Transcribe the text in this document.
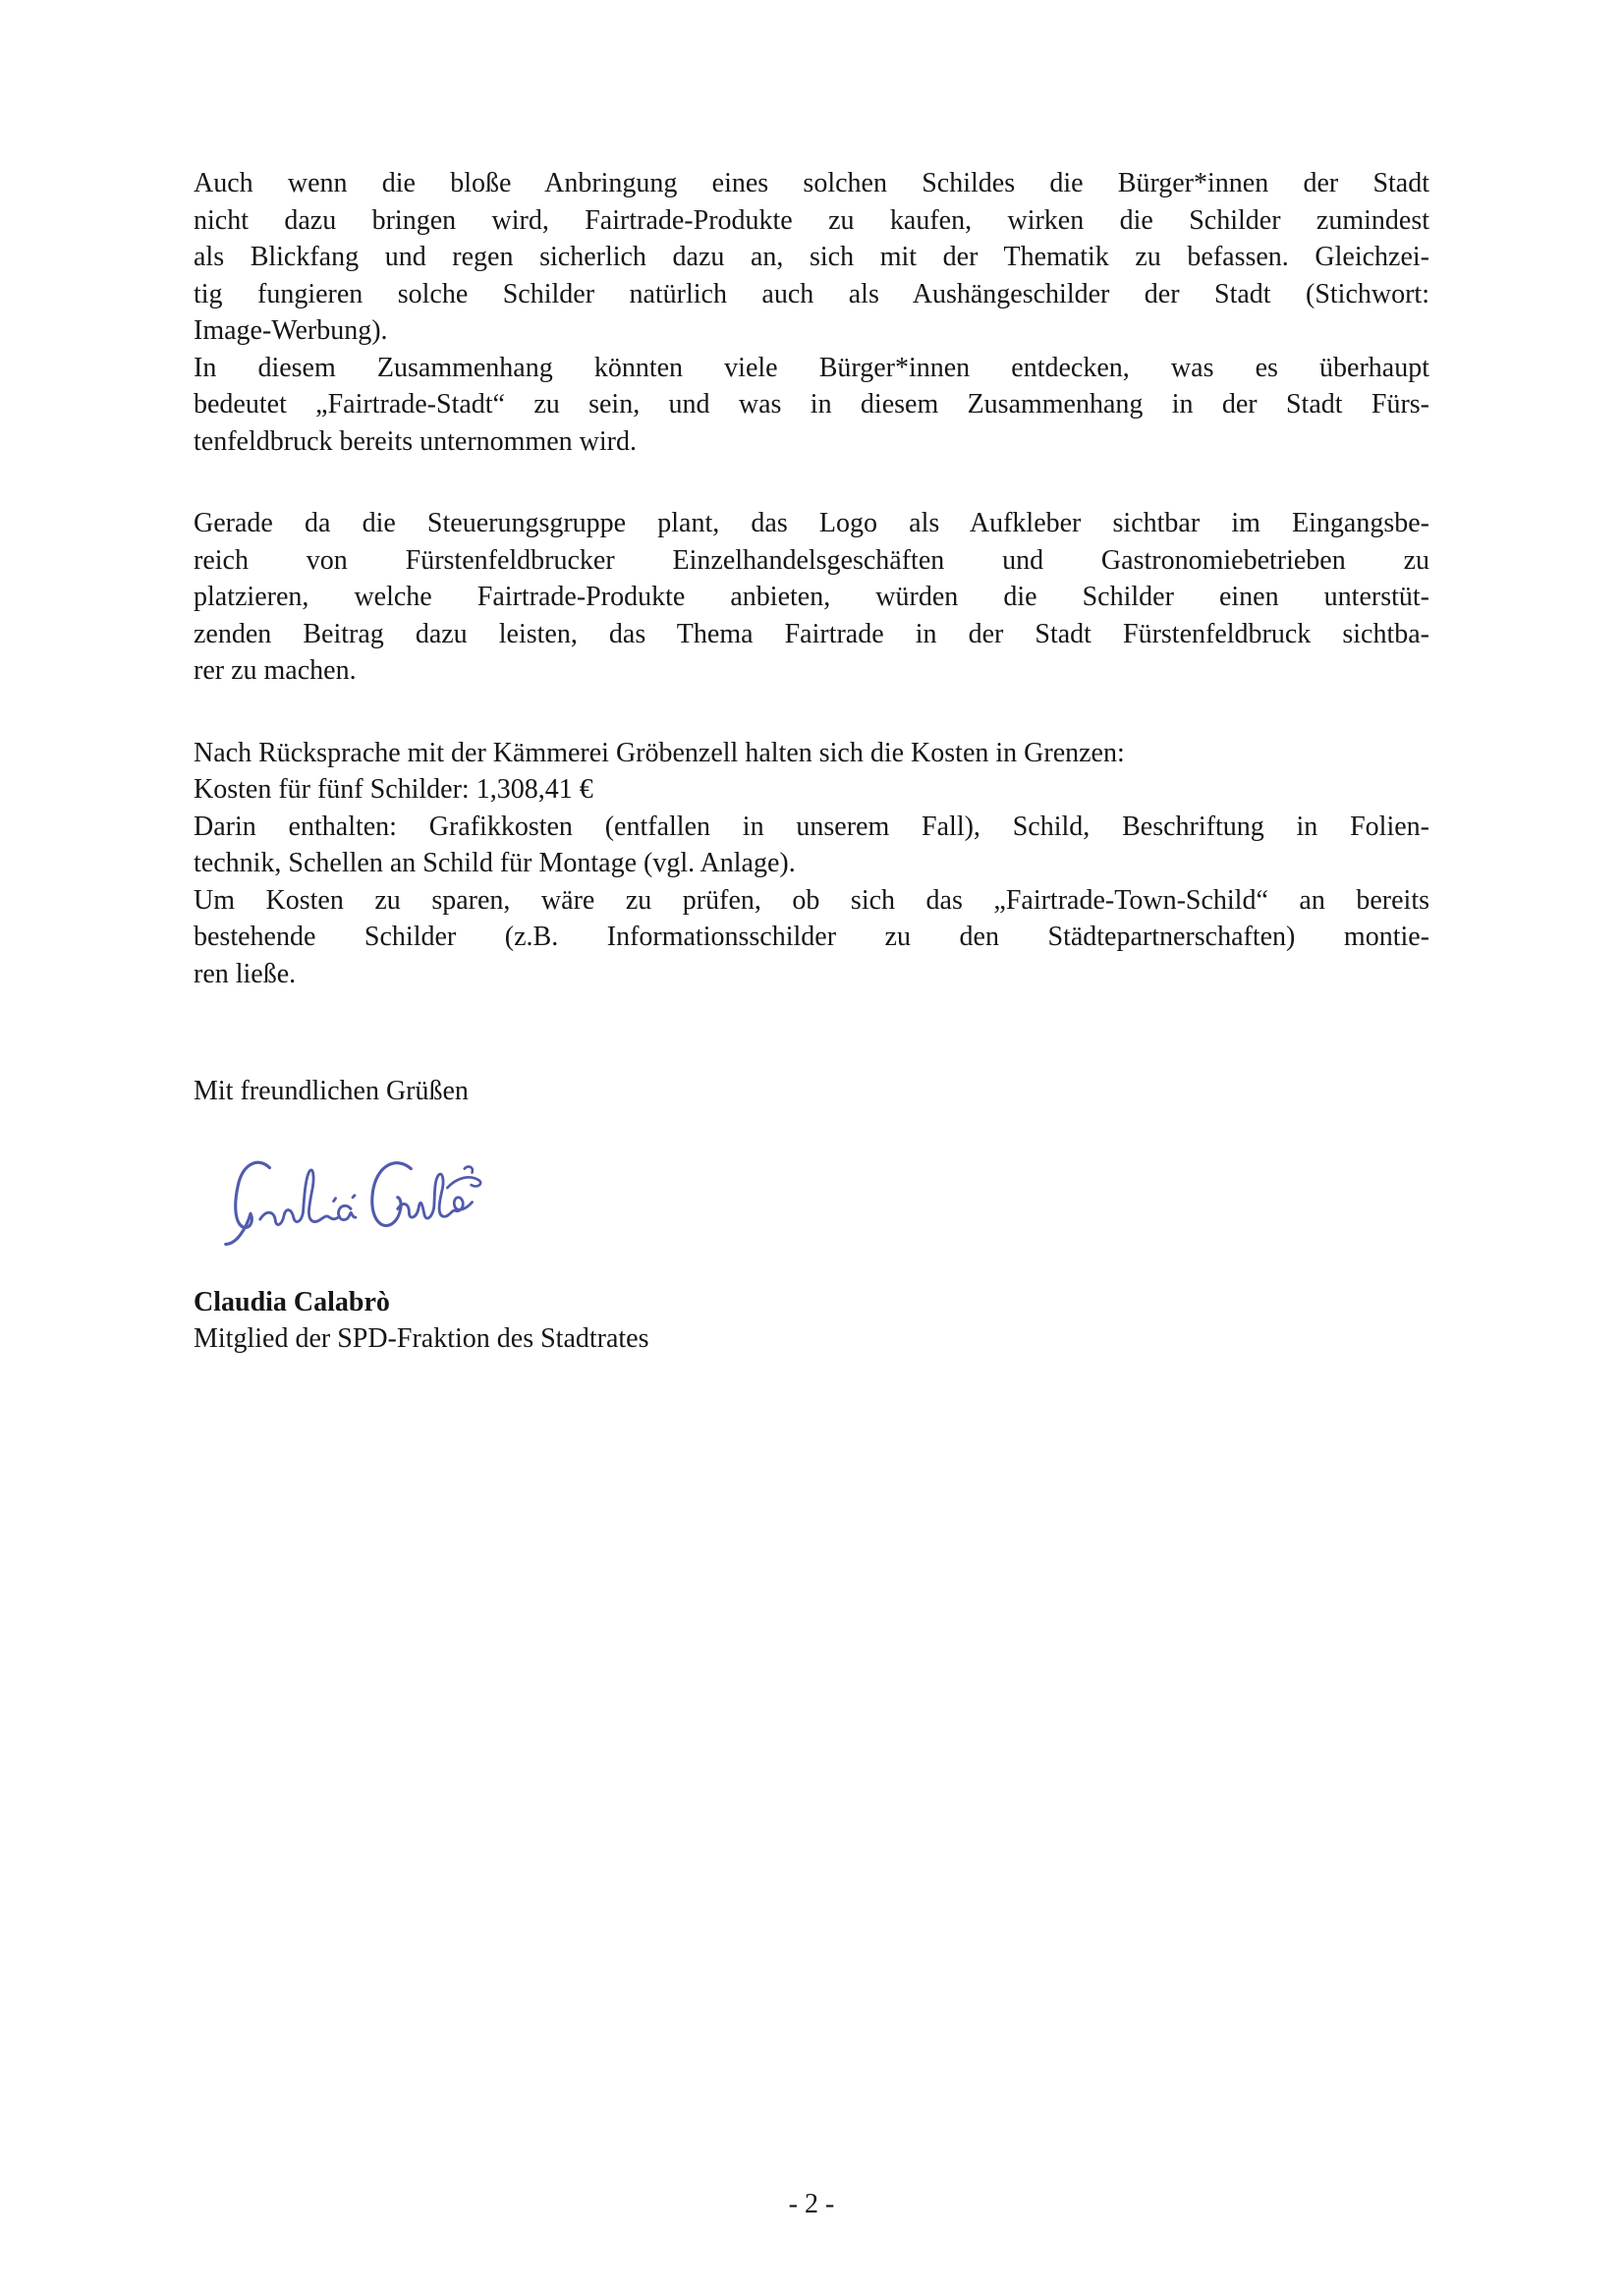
Auch wenn die bloße Anbringung eines solchen Schildes die Bürger*innen der Stadt
nicht dazu bringen wird, Fairtrade-Produkte zu kaufen, wirken die Schilder zumindest
als Blickfang und regen sicherlich dazu an, sich mit der Thematik zu befassen. Gleichzei-
tig fungieren solche Schilder natürlich auch als Aushängeschilder der Stadt (Stichwort:
Image-Werbung).
In diesem Zusammenhang könnten viele Bürger*innen entdecken, was es überhaupt
bedeutet „Fairtrade-Stadt“ zu sein, und was in diesem Zusammenhang in der Stadt Fürs-
tenfeldbruck bereits unternommen wird.
Gerade da die Steuerungsgruppe plant, das Logo als Aufkleber sichtbar im Eingangsbe-
reich von Fürstenfeldbrucker Einzelhandelsgeschäften und Gastronomiebetrieben zu
platzieren, welche Fairtrade-Produkte anbieten, würden die Schilder einen unterstüt-
zenden Beitrag dazu leisten, das Thema Fairtrade in der Stadt Fürstenfeldbruck sichtba-
rer zu machen.
Nach Rücksprache mit der Kämmerei Gröbenzell halten sich die Kosten in Grenzen:
Kosten für fünf Schilder: 1,308,41 €
Darin enthalten: Grafikkosten (entfallen in unserem Fall), Schild, Beschriftung in Folien-
technik, Schellen an Schild für Montage (vgl. Anlage).
Um Kosten zu sparen, wäre zu prüfen, ob sich das „Fairtrade-Town-Schild“ an bereits
bestehende Schilder (z.B. Informationsschilder zu den Städtepartnerschaften) montie-
ren ließe.
Mit freundlichen Grüßen
Claudia Calabrò
Mitglied der SPD-Fraktion des Stadtrates
- 2 -
